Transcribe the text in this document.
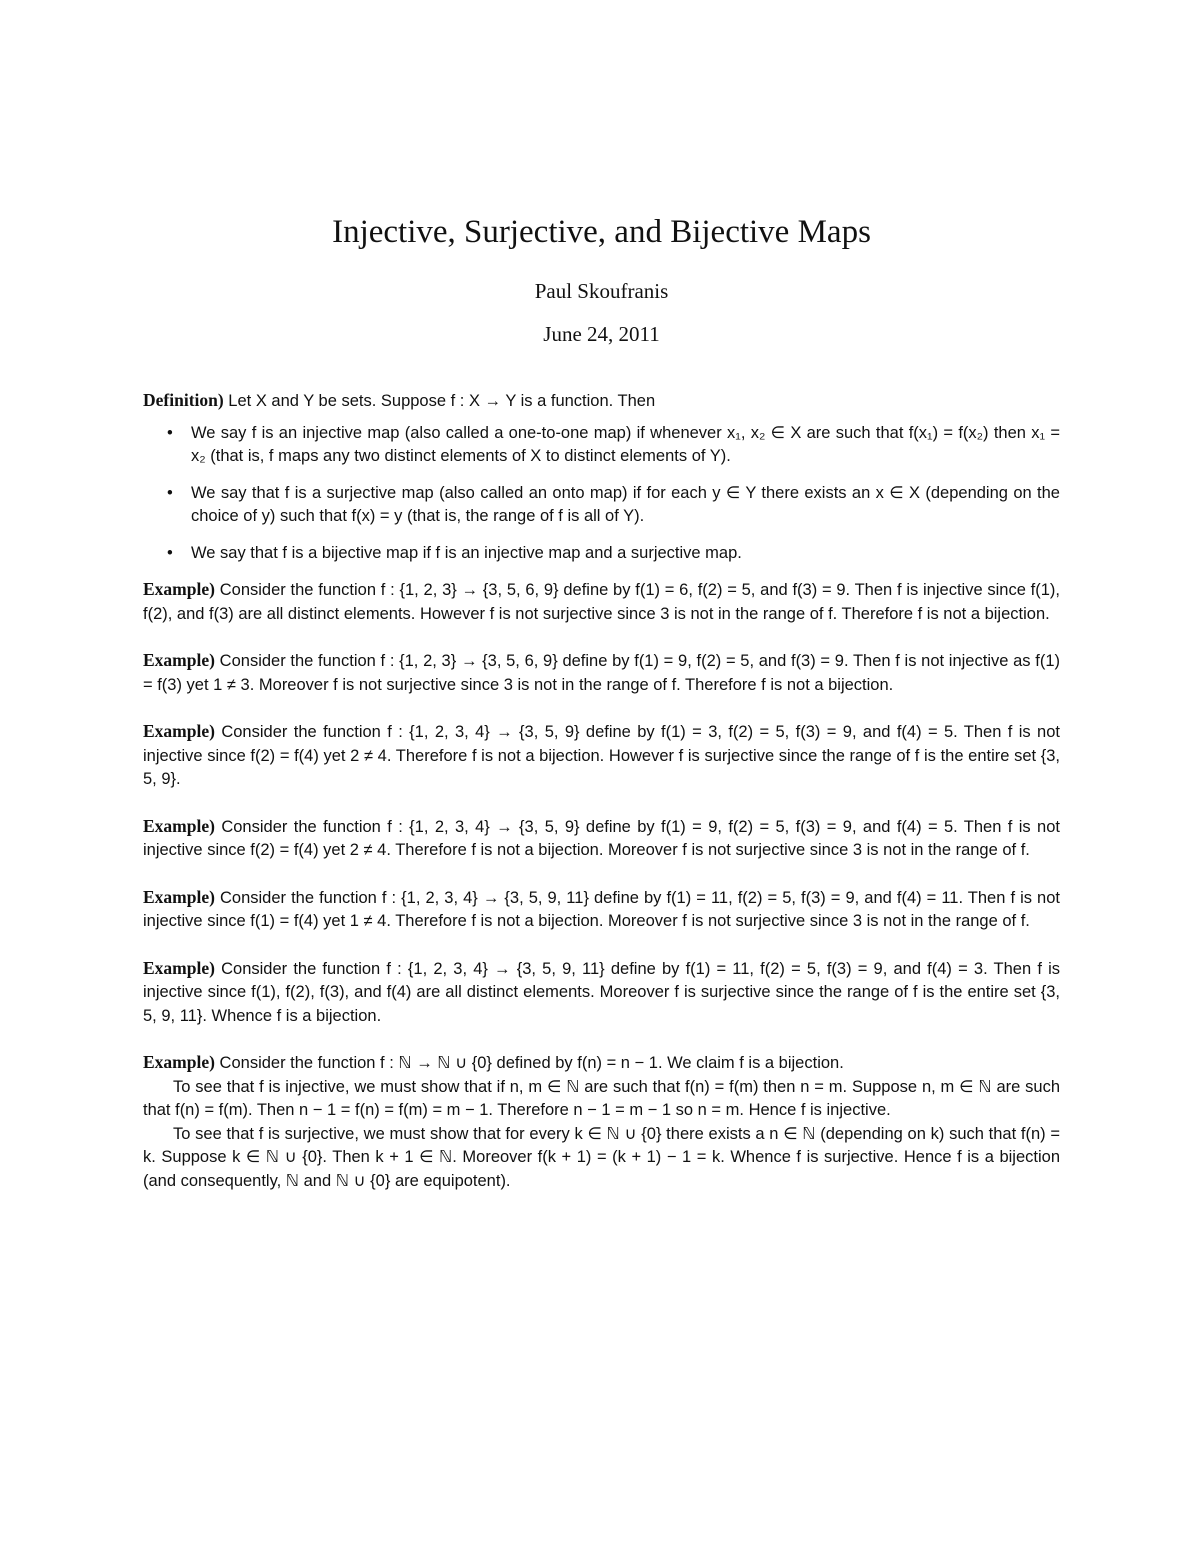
Injective, Surjective, and Bijective Maps
Paul Skoufranis
June 24, 2011

Definition) Let X and Y be sets. Suppose f : X → Y is a function. Then

• We say f is an injective map (also called a one-to-one map) if whenever x₁, x₂ ∈ X are such that f(x₁) = f(x₂) then x₁ = x₂ (that is, f maps any two distinct elements of X to distinct elements of Y).
• We say that f is a surjective map (also called an onto map) if for each y ∈ Y there exists an x ∈ X (depending on the choice of y) such that f(x) = y (that is, the range of f is all of Y).
• We say that f is a bijective map if f is an injective map and a surjective map.

Example) Consider the function f : {1, 2, 3} → {3, 5, 6, 9} define by f(1) = 6, f(2) = 5, and f(3) = 9. Then f is injective since f(1), f(2), and f(3) are all distinct elements. However f is not surjective since 3 is not in the range of f. Therefore f is not a bijection.

Example) Consider the function f : {1, 2, 3} → {3, 5, 6, 9} define by f(1) = 9, f(2) = 5, and f(3) = 9. Then f is not injective as f(1) = f(3) yet 1 ≠ 3. Moreover f is not surjective since 3 is not in the range of f. Therefore f is not a bijection.

Example) Consider the function f : {1, 2, 3, 4} → {3, 5, 9} define by f(1) = 3, f(2) = 5, f(3) = 9, and f(4) = 5. Then f is not injective since f(2) = f(4) yet 2 ≠ 4. Therefore f is not a bijection. However f is surjective since the range of f is the entire set {3, 5, 9}.

Example) Consider the function f : {1, 2, 3, 4} → {3, 5, 9} define by f(1) = 9, f(2) = 5, f(3) = 9, and f(4) = 5. Then f is not injective since f(2) = f(4) yet 2 ≠ 4. Therefore f is not a bijection. Moreover f is not surjective since 3 is not in the range of f.

Example) Consider the function f : {1, 2, 3, 4} → {3, 5, 9, 11} define by f(1) = 11, f(2) = 5, f(3) = 9, and f(4) = 11. Then f is not injective since f(1) = f(4) yet 1 ≠ 4. Therefore f is not a bijection. Moreover f is not surjective since 3 is not in the range of f.

Example) Consider the function f : {1, 2, 3, 4} → {3, 5, 9, 11} define by f(1) = 11, f(2) = 5, f(3) = 9, and f(4) = 3. Then f is injective since f(1), f(2), f(3), and f(4) are all distinct elements. Moreover f is surjective since the range of f is the entire set {3, 5, 9, 11}. Whence f is a bijection.

Example) Consider the function f : ℕ → ℕ ∪ {0} defined by f(n) = n − 1. We claim f is a bijection.

To see that f is injective, we must show that if n, m ∈ ℕ are such that f(n) = f(m) then n = m. Suppose n, m ∈ ℕ are such that f(n) = f(m). Then n − 1 = f(n) = f(m) = m − 1. Therefore n − 1 = m − 1 so n = m. Hence f is injective.

To see that f is surjective, we must show that for every k ∈ ℕ ∪ {0} there exists a n ∈ ℕ (depending on k) such that f(n) = k. Suppose k ∈ ℕ ∪ {0}. Then k + 1 ∈ ℕ. Moreover f(k + 1) = (k + 1) − 1 = k. Whence f is surjective. Hence f is a bijection (and consequently, ℕ and ℕ ∪ {0} are equipotent).
